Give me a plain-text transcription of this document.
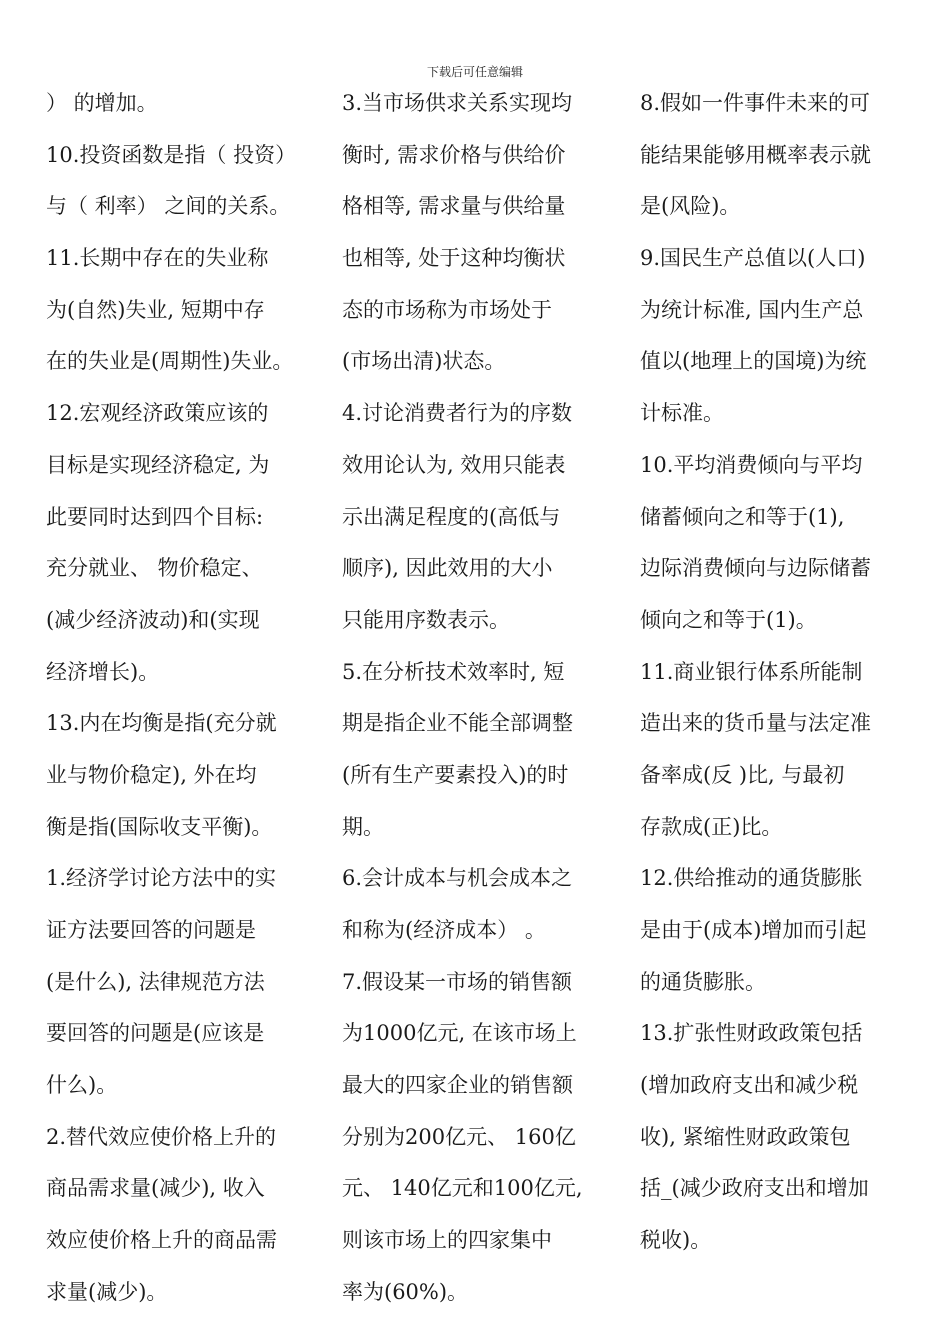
下载后可任意编辑
） 的增加。
10.投资函数是指（ 投资）
与（ 利率） 之间的关系。
11.长期中存在的失业称
为(自然)失业, 短期中存
在的失业是(周期性)失业。
12.宏观经济政策应该的
目标是实现经济稳定, 为
此要同时达到四个目标:
充分就业、 物价稳定、
(减少经济波动)和(实现
经济增长)。
13.内在均衡是指(充分就
业与物价稳定), 外在均
衡是指(国际收支平衡)。
1.经济学讨论方法中的实
证方法要回答的问题是
(是什么), 法律规范方法
要回答的问题是(应该是
什么)。
2.替代效应使价格上升的
商品需求量(减少), 收入
效应使价格上升的商品需
求量(减少)。
3.当市场供求关系实现均
衡时, 需求价格与供给价
格相等, 需求量与供给量
也相等, 处于这种均衡状
态的市场称为市场处于
(市场出清)状态。
4.讨论消费者行为的序数
效用论认为, 效用只能表
示出满足程度的(高低与
顺序), 因此效用的大小
只能用序数表示。
5.在分析技术效率时, 短
期是指企业不能全部调整
(所有生产要素投入)的时
期。
6.会计成本与机会成本之
和称为(经济成本） 。
7.假设某一市场的销售额
为1000亿元, 在该市场上
最大的四家企业的销售额
分别为200亿元、 160亿
元、 140亿元和100亿元,
则该市场上的四家集中
率为(60%)。
8.假如一件事件未来的可
能结果能够用概率表示就
是(风险)。
9.国民生产总值以(人口)
为统计标准, 国内生产总
值以(地理上的国境)为统
计标准。
10.平均消费倾向与平均
储蓄倾向之和等于(1),
边际消费倾向与边际储蓄
倾向之和等于(1)。
11.商业银行体系所能制
造出来的货币量与法定准
备率成(反 )比, 与最初
存款成(正)比。
12.供给推动的通货膨胀
是由于(成本)增加而引起
的通货膨胀。
13.扩张性财政政策包括
(增加政府支出和减少税
收), 紧缩性财政政策包
括_(减少政府支出和增加
税收)。
